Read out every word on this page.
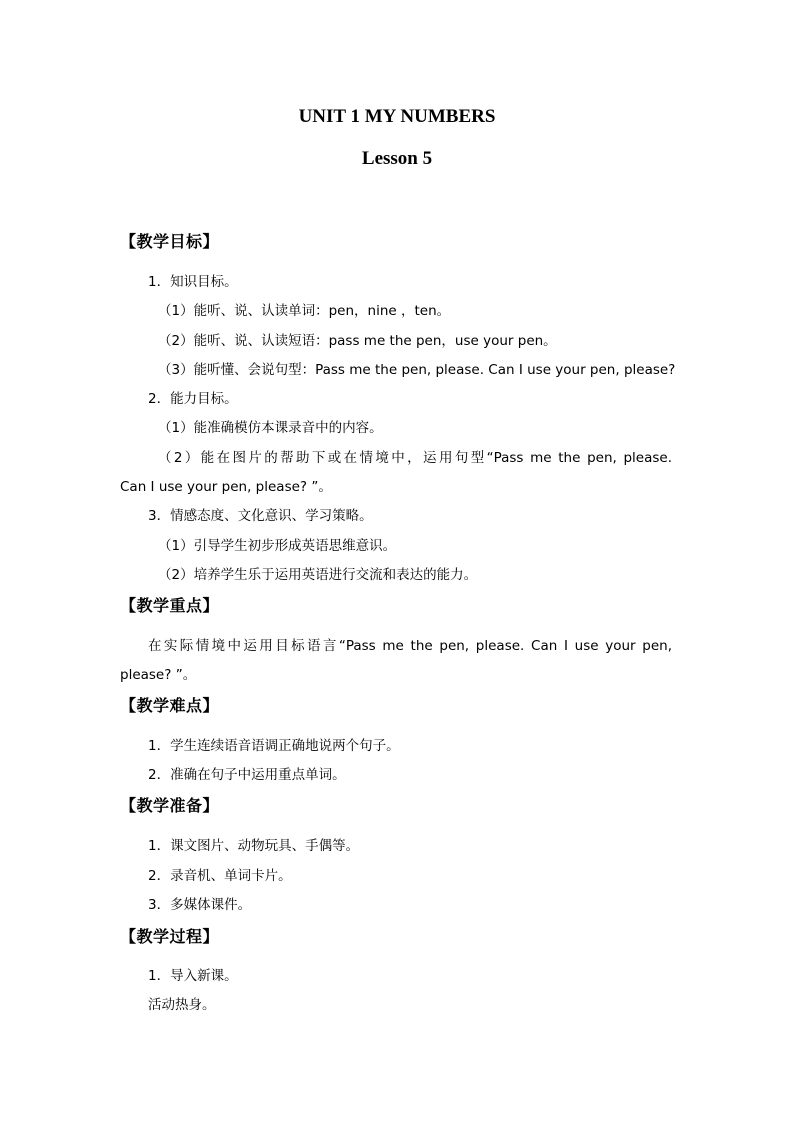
UNIT 1 MY NUMBERS
Lesson 5
【教学目标】
1．知识目标。
（1）能听、说、认读单词：pen，nine ，ten。
（2）能听、说、认读短语：pass me the pen，use your pen。
（3）能听懂、会说句型：Pass me the pen, please. Can I use your pen, please?
2．能力目标。
（1）能准确模仿本课录音中的内容。
（2）能在图片的帮助下或在情境中，运用句型“Pass me the pen, please.
Can I use your pen, please? ”。
3．情感态度、文化意识、学习策略。
（1）引导学生初步形成英语思维意识。
（2）培养学生乐于运用英语进行交流和表达的能力。
【教学重点】
在实际情境中运用目标语言“Pass me the pen, please. Can I use your pen,
please? ”。
【教学难点】
1．学生连续语音语调正确地说两个句子。
2．准确在句子中运用重点单词。
【教学准备】
1．课文图片、动物玩具、手偶等。
2．录音机、单词卡片。
3．多媒体课件。
【教学过程】
1．导入新课。
活动热身。
